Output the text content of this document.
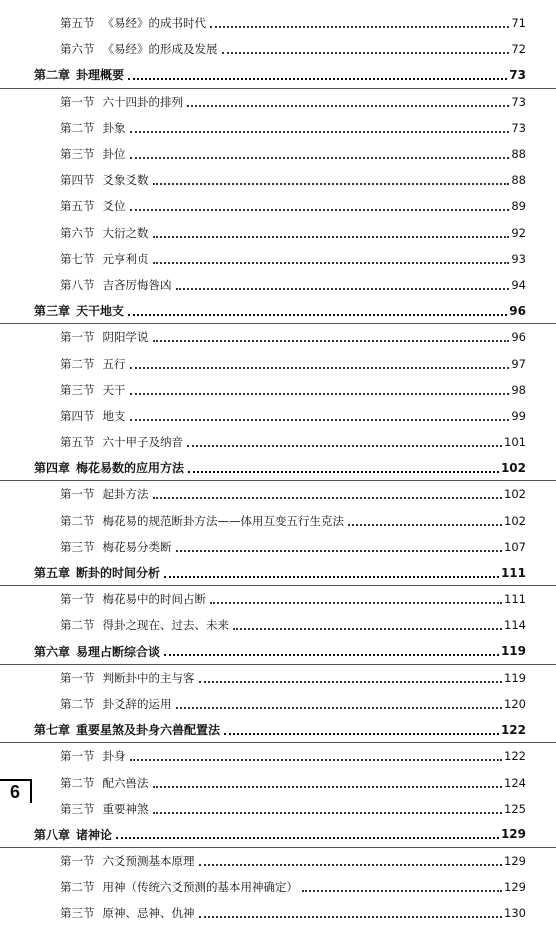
第五节 《易经》的成书时代	71
第六节 《易经》的形成及发展	72
第二章 卦理概要	73
第一节 六十四卦的排列	73
第二节 卦象	73
第三节 卦位	88
第四节 爻象爻数	88
第五节 爻位	89
第六节 大衍之数	92
第七节 元亨利贞	93
第八节 吉吝厉悔咎凶	94
第三章 天干地支	96
第一节 阴阳学说	96
第二节 五行	97
第三节 天干	98
第四节 地支	99
第五节 六十甲子及纳音	101
第四章 梅花易数的应用方法	102
第一节 起卦方法	102
第二节 梅花易的规范断卦方法——体用互变五行生克法	102
第三节 梅花易分类断	107
第五章 断卦的时间分析	111
第一节 梅花易中的时间占断	111
第二节 得卦之现在、过去、未来	114
第六章 易理占断综合谈	119
第一节 判断卦中的主与客	119
第二节 卦爻辞的运用	120
第七章 重要星煞及卦身六兽配置法	122
第一节 卦身	122
第二节 配六兽法	124
第三节 重要神煞	125
第八章 诸神论	129
第一节 六爻预测基本原理	129
第二节 用神（传统六爻预测的基本用神确定）	129
第三节 原神、忌神、仇神	130
6
